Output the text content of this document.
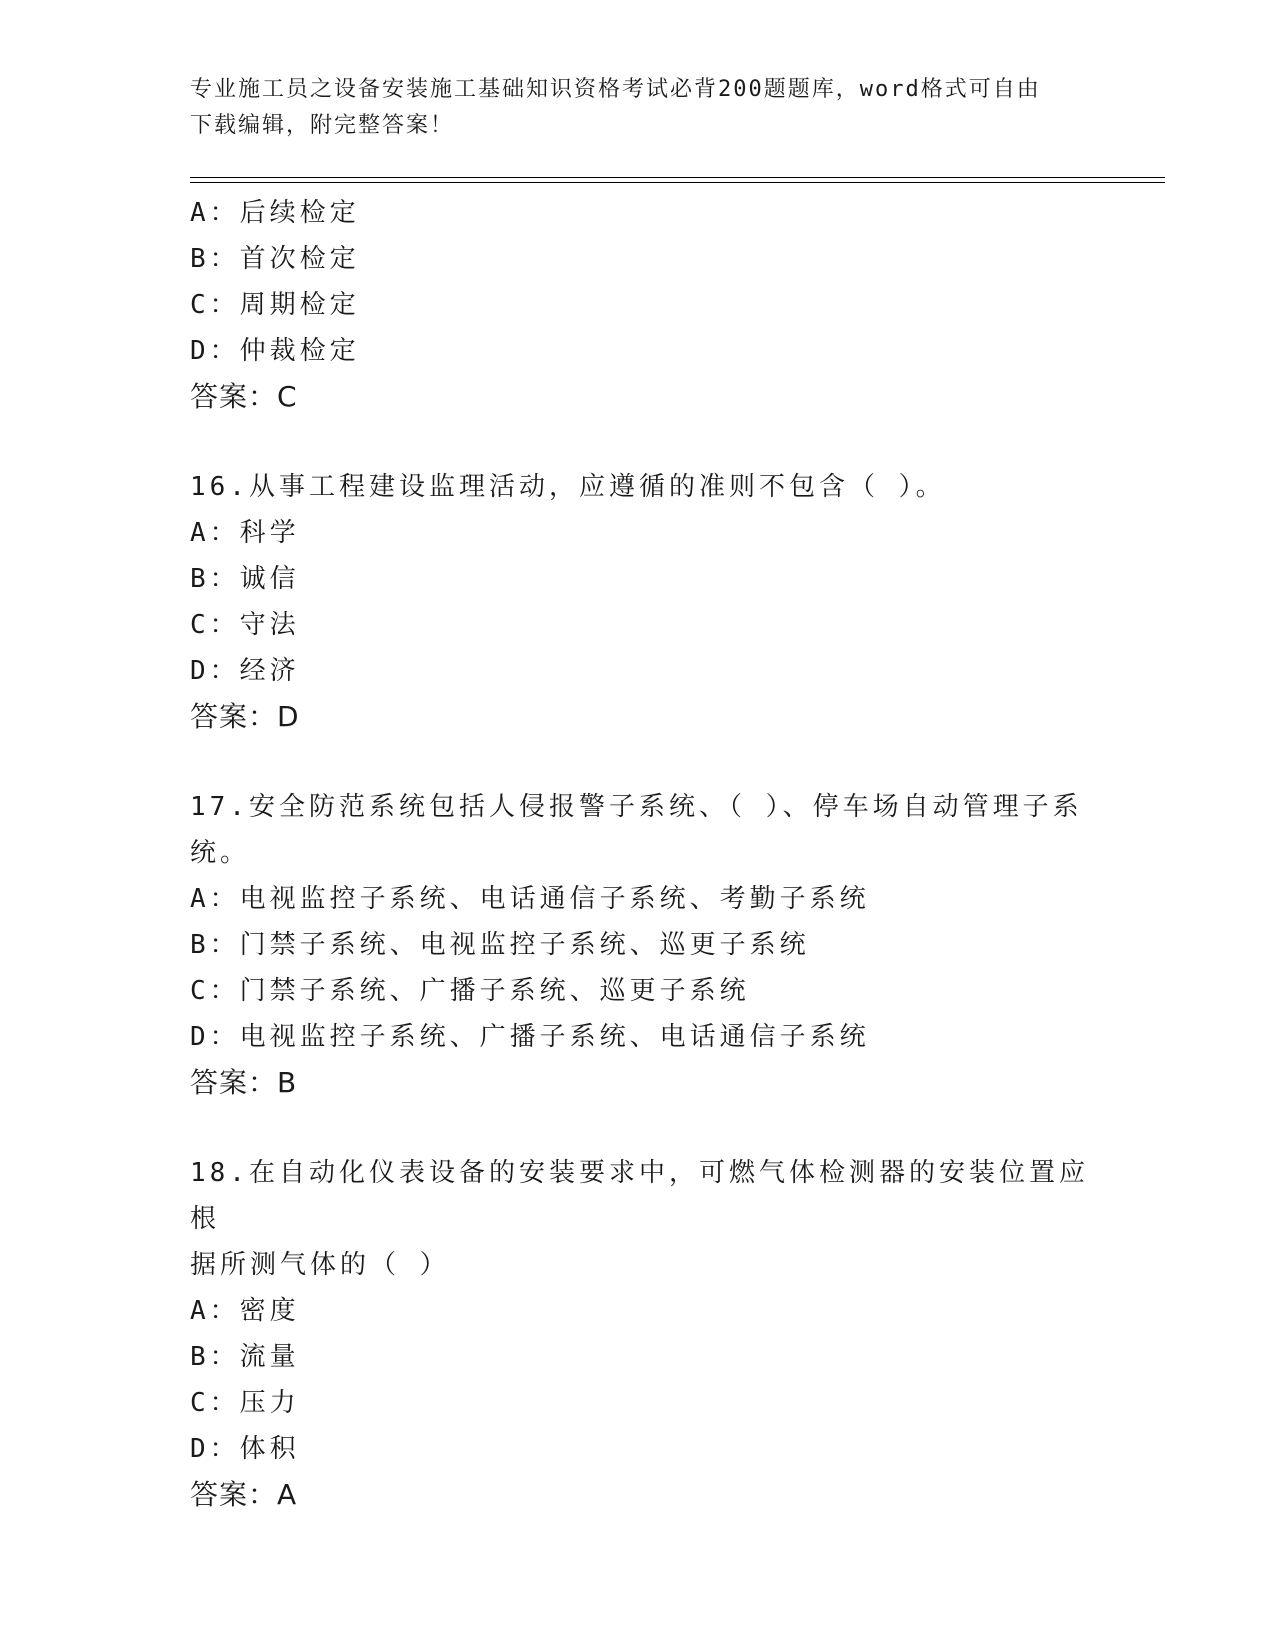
专业施工员之设备安装施工基础知识资格考试必背200题题库，word格式可自由
下载编辑，附完整答案！
A：后续检定
B：首次检定
C：周期检定
D：仲裁检定
答案：C
16.从事工程建设监理活动，应遵循的准则不包含（ ）。
A：科学
B：诚信
C：守法
D：经济
答案：D
17.安全防范系统包括人侵报警子系统、（ ）、停车场自动管理子系
统。
A：电视监控子系统、电话通信子系统、考勤子系统
B：门禁子系统、电视监控子系统、巡更子系统
C：门禁子系统、广播子系统、巡更子系统
D：电视监控子系统、广播子系统、电话通信子系统
答案：B
18.在自动化仪表设备的安装要求中，可燃气体检测器的安装位置应根
据所测气体的（ ）
A：密度
B：流量
C：压力
D：体积
答案：A
